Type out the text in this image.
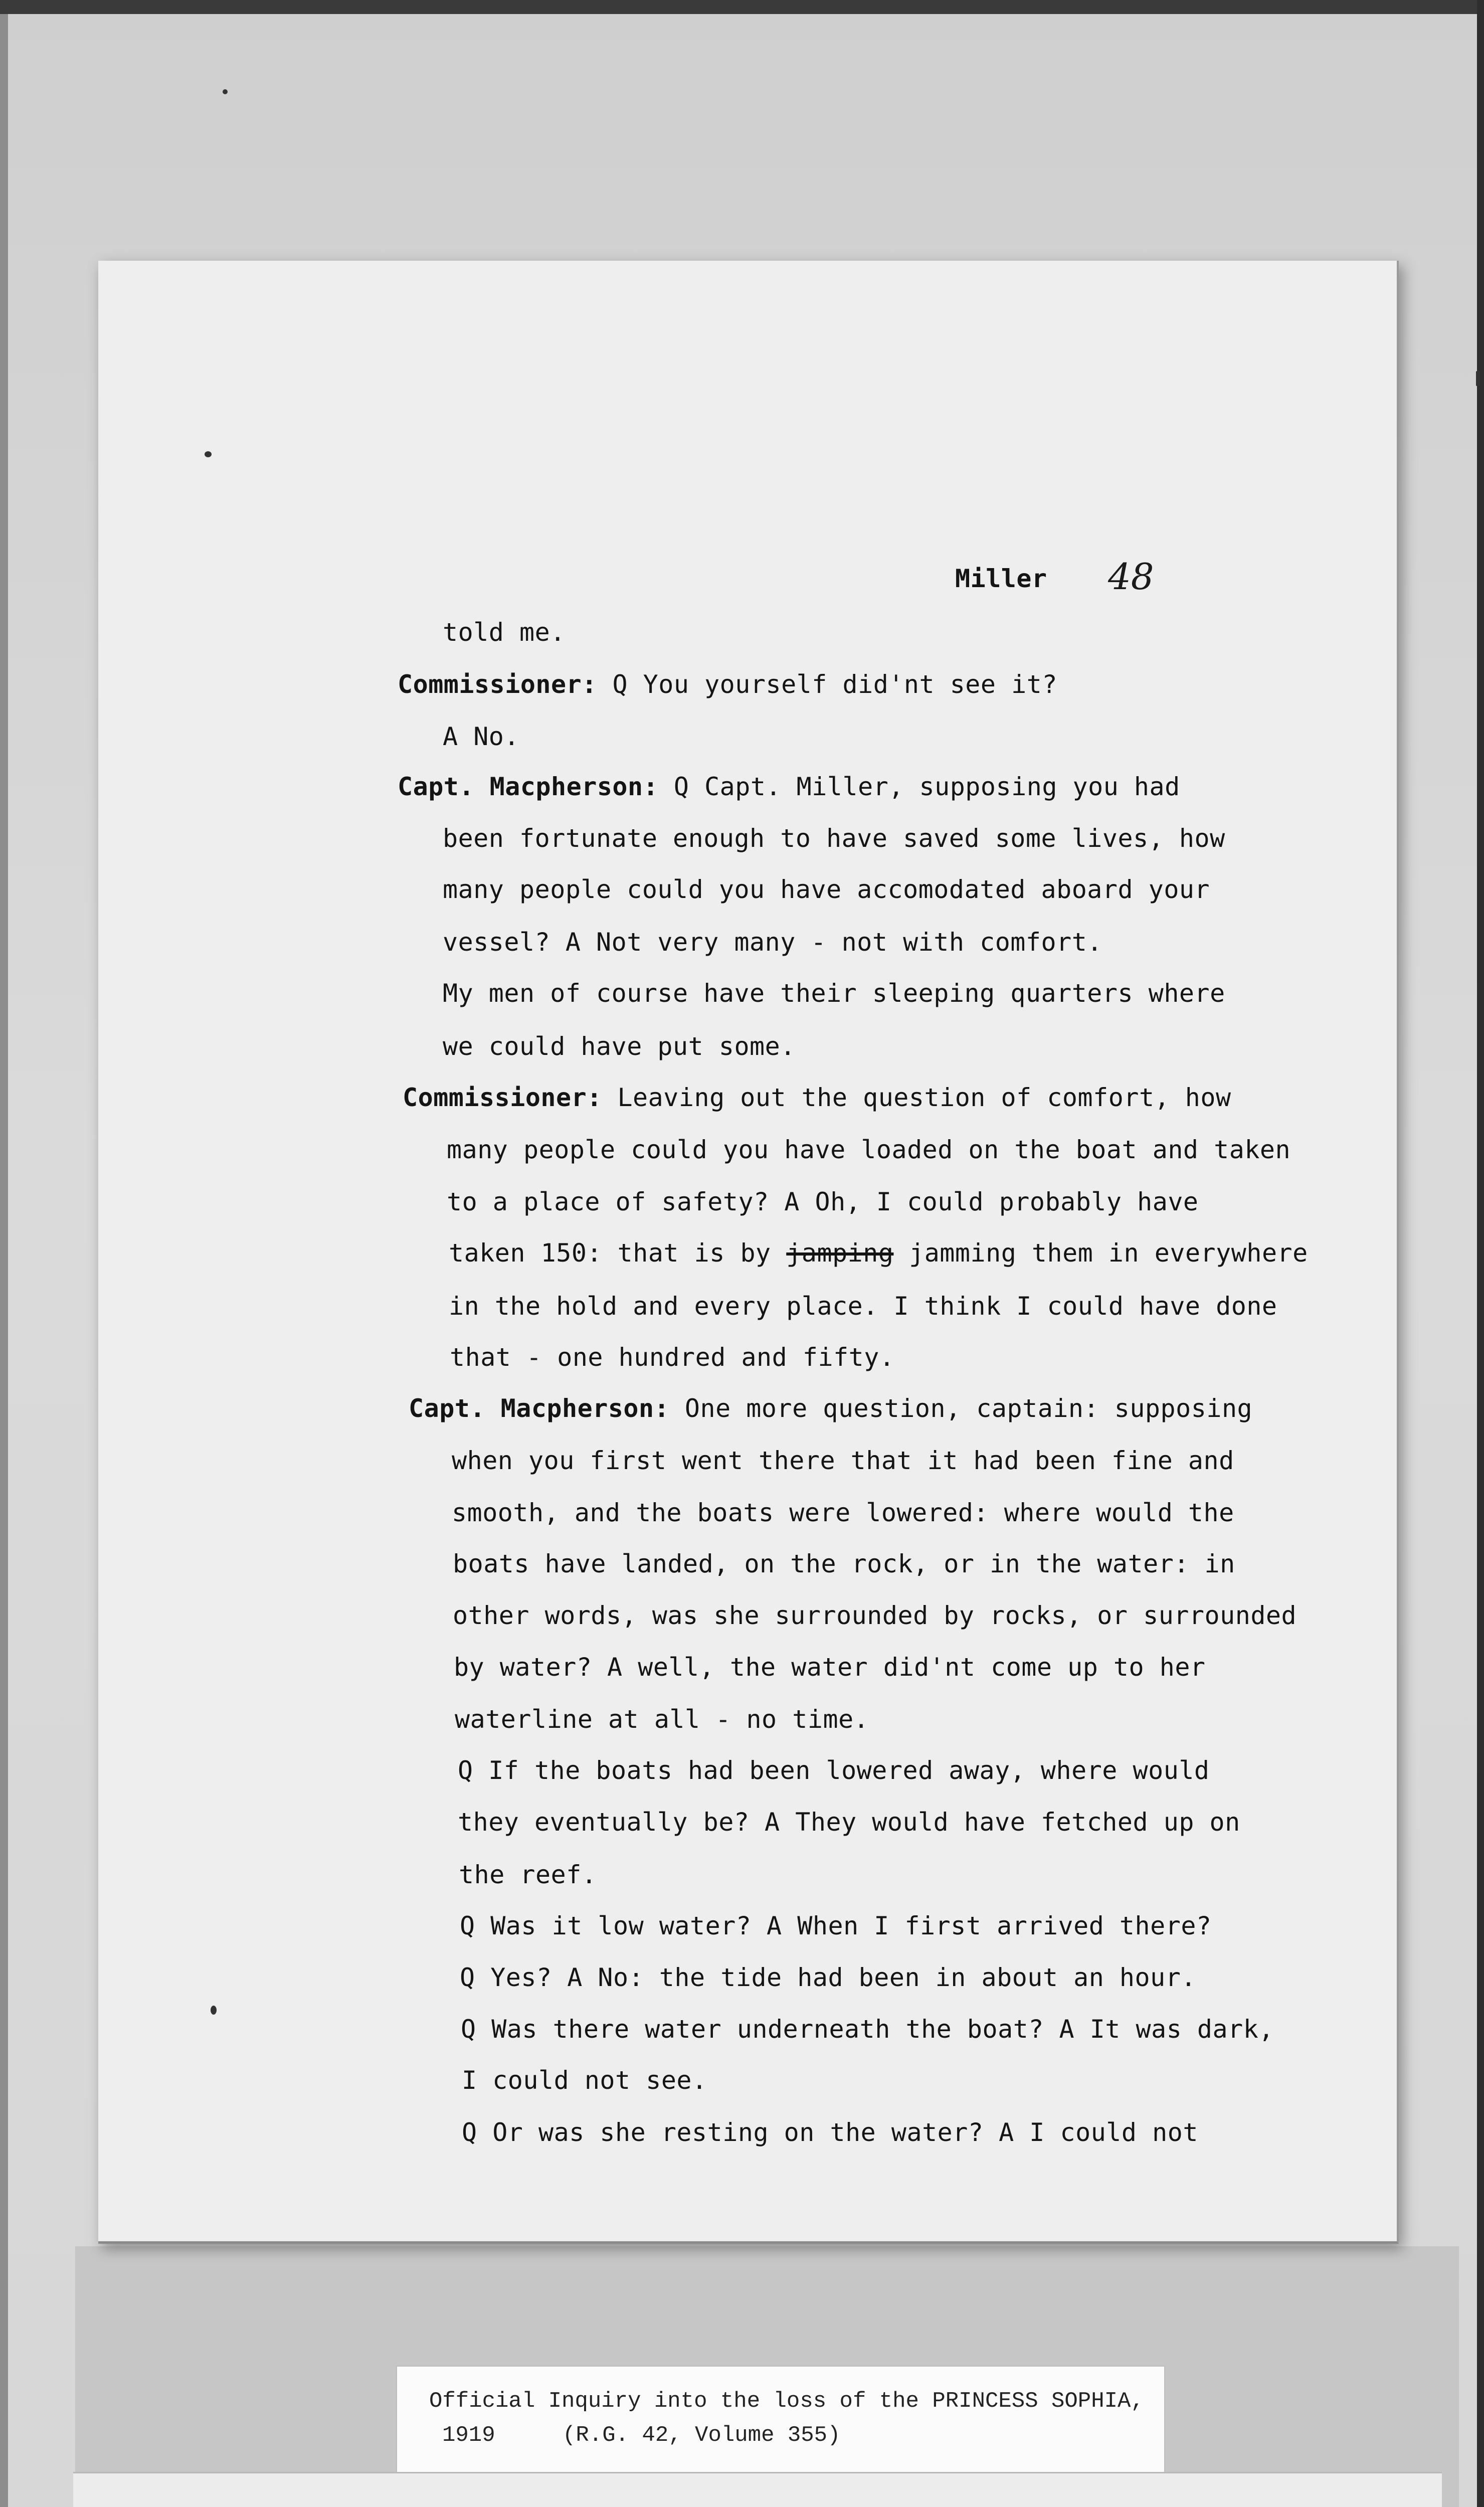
Miller 48
told me.
Commissioner: Q You yourself did'nt see it?
A No.
Capt. Macpherson: Q Capt. Miller, supposing you had
been fortunate enough to have saved some lives, how
many people could you have accomodated aboard your
vessel? A Not very many - not with comfort.
My men of course have their sleeping quarters where
we could have put some.
Commissioner: Leaving out the question of comfort, how
many people could you have loaded on the boat and taken
to a place of safety? A Oh, I could probably have
taken 150: that is by jamping jamming them in everywhere
in the hold and every place. I think I could have done
that - one hundred and fifty.
Capt. Macpherson: One more question, captain: supposing
when you first went there that it had been fine and
smooth, and the boats were lowered: where would the
boats have landed, on the rock, or in the water: in
other words, was she surrounded by rocks, or surrounded
by water? A well, the water did'nt come up to her
waterline at all - no time.
Q If the boats had been lowered away, where would
they eventually be? A They would have fetched up on
the reef.
Q Was it low water? A When I first arrived there?
Q Yes? A No: the tide had been in about an hour.
Q Was there water underneath the boat? A It was dark,
I could not see.
Q Or was she resting on the water? A I could not
Official Inquiry into the loss of the PRINCESS SOPHIA,
1919	(R.G. 42, Volume 355)
